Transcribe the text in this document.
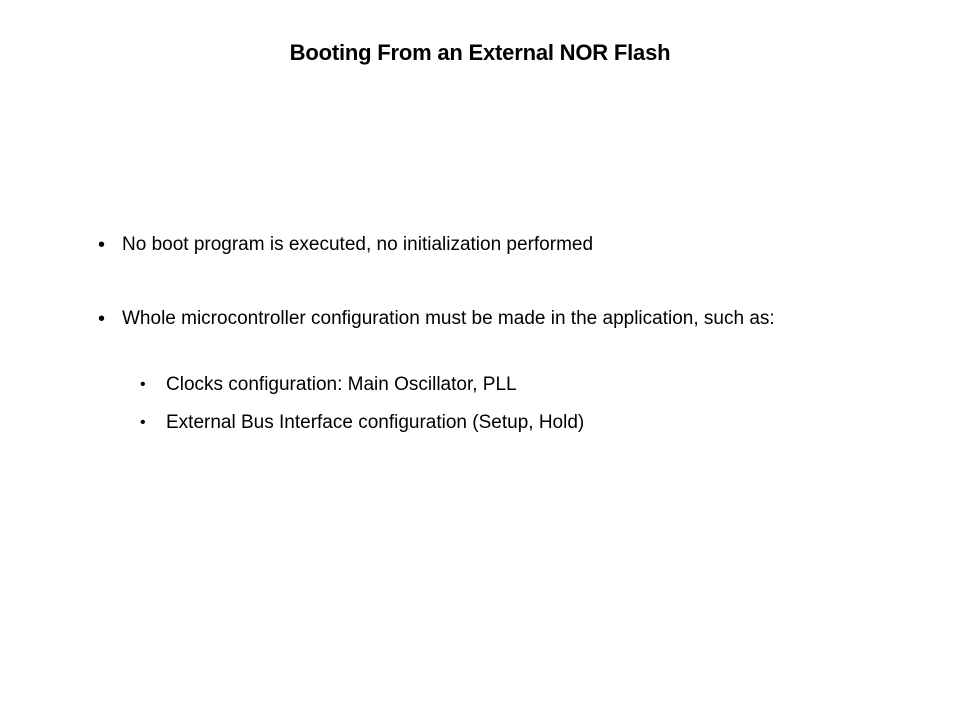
Booting From an External NOR Flash
• No boot program is executed, no initialization performed
• Whole microcontroller configuration must be made in the application, such as:
• Clocks configuration: Main Oscillator, PLL
• External Bus Interface configuration (Setup, Hold)
